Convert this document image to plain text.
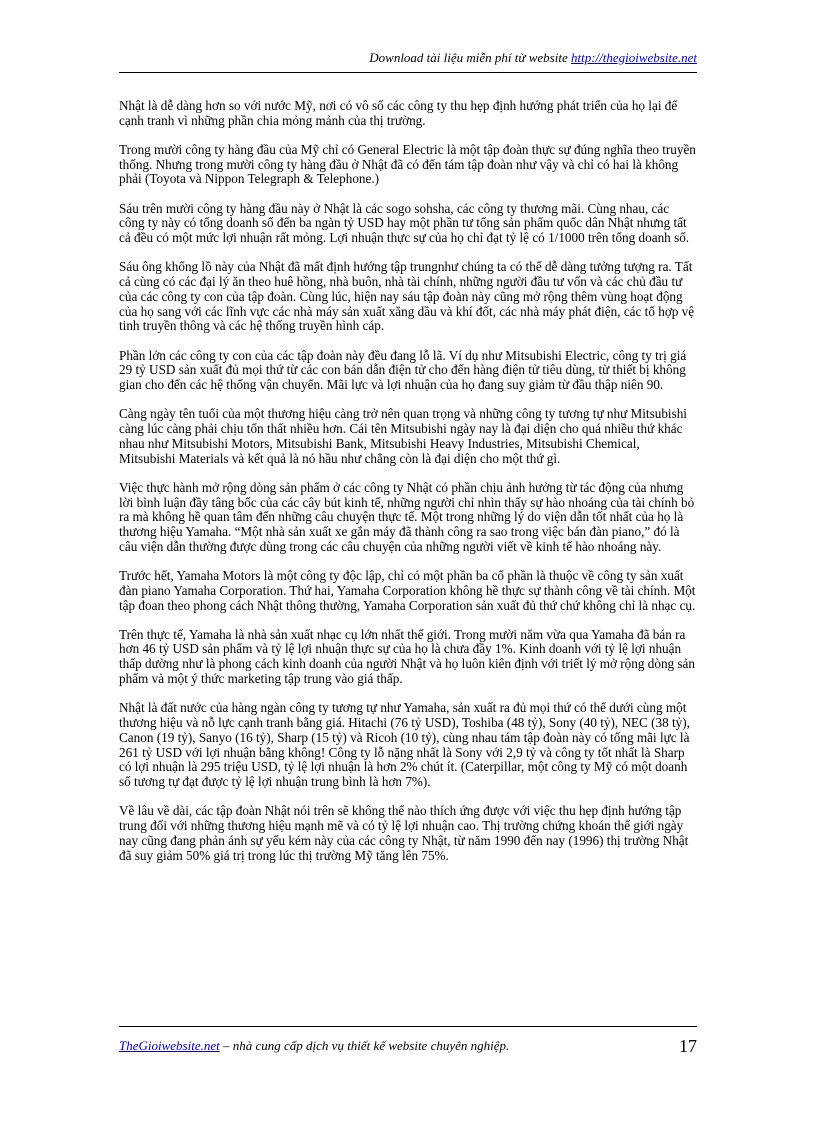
Download tài liệu miễn phí từ website http://thegioiwebsite.net

Nhật là dễ dàng hơn so với nước Mỹ, nơi có vô số các công ty thu hẹp định hướng phát triển của họ lại để cạnh tranh vì những phần chia mỏng mảnh của thị trường.

Trong mười công ty hàng đầu của Mỹ chỉ có General Electric là một tập đoàn thực sự đúng nghĩa theo truyền thống. Nhưng trong mười công ty hàng đầu ở Nhật đã có đến tám tập đoàn như vậy và chỉ có hai là không phải (Toyota và Nippon Telegraph & Telephone.)

Sáu trên mười công ty hàng đầu này ở Nhật là các sogo sohsha, các công ty thương mãi. Cùng nhau, các công ty này có tổng doanh số đến ba ngàn tỷ USD hay một phần tư tổng sản phẩm quốc dân Nhật nhưng tất cả đều có một mức lợi nhuận rất mỏng. Lợi nhuận thực sự của họ chỉ đạt tỷ lệ có 1/1000 trên tổng doanh số.

Sáu ông khổng lồ này của Nhật đã mất định hướng tập trungnhư chúng ta có thể dễ dàng tưởng tượng ra. Tất cả cùng có các đại lý ăn theo huê hồng, nhà buôn, nhà tài chính, những người đầu tư vốn và các chủ đầu tư của các công ty con của tập đoàn. Cùng lúc, hiện nay sáu tập đoàn này cũng mở rộng thêm vùng hoạt động của họ sang với các lĩnh vực các nhà máy sản xuất xăng dầu và khí đốt, các nhà máy phát điện, các tổ hợp vệ tinh truyền thông và các hệ thống truyền hình cáp.

Phần lớn các công ty con của các tập đoàn này đều đang lỗ lã. Ví dụ như Mitsubishi Electric, công ty trị giá 29 tỷ USD sản xuất đủ mọi thứ từ các con bán dẫn điện tử cho đến hàng điện tử tiêu dùng, từ thiết bị không gian cho đến các hệ thống vận chuyển. Mãi lực và lợi nhuận của họ đang suy giảm từ đầu thập niên 90.

Càng ngày tên tuổi của một thương hiệu càng trở nên quan trọng và những công ty tương tự như Mitsubishi càng lúc càng phải chịu tổn thất nhiều hơn. Cái tên Mitsubishi ngày nay là đại diện cho quá nhiều thứ khác nhau như Mitsubishi Motors, Mitsubishi Bank, Mitsubishi Heavy Industries, Mitsubishi Chemical, Mitsubishi Materials và kết quả là nó hầu như chẳng còn là đại diện cho một thứ gì.

Việc thực hành mở rộng dòng sản phẩm ở các công ty Nhật có phần chịu ảnh hưởng từ tác động của nhưng lời bình luận đầy tâng bốc của các cây bút kinh tế, những người chỉ nhìn thấy sự hào nhoáng của tài chính bỏ ra mà không hề quan tâm đến những câu chuyện thực tế. Một trong những lý do viện dẫn tốt nhất của họ là thương hiệu Yamaha. “Một nhà sản xuất xe gắn máy đã thành công ra sao trong việc bán đàn piano,” đó là câu viện dẫn thường được dùng trong các câu chuyện của những người viết về kinh tế hào nhoáng này.

Trước hết, Yamaha Motors là một công ty độc lập, chỉ có một phần ba cổ phần là thuộc về công ty sản xuất đàn piano Yamaha Corporation. Thứ hai, Yamaha Corporation không hề thực sự thành công về tài chính. Một tập đoan theo phong cách Nhật thông thường, Yamaha Corporation sản xuất đủ thứ chứ không chỉ là nhạc cụ.

Trên thực tế, Yamaha là nhà sản xuất nhạc cụ lớn nhất thế giới. Trong mười năm vừa qua Yamaha đã bán ra hơn 46 tỷ USD sản phẩm và tỷ lệ lợi nhuận thực sự của họ là chưa đầy 1%. Kinh doanh với tỷ lệ lợi nhuận thấp dường như là phong cách kinh doanh của người Nhật và họ luôn kiên định với triết lý mở rộng dòng sản phẩm và một ý thức marketing tập trung vào giá thấp.

Nhật là đất nước của hàng ngàn công ty tương tự như Yamaha, sản xuất ra đủ mọi thứ có thể dưới cùng một thương hiệu và nỗ lực cạnh tranh bằng giá. Hitachi (76 tỷ USD), Toshiba (48 tỷ), Sony (40 tỷ), NEC (38 tỷ), Canon (19 tỷ), Sanyo (16 tỷ), Sharp (15 tỷ) và Ricoh (10 tỷ), cùng nhau tám tập đoàn này có tổng mãi lực là 261 tỷ USD với lợi nhuận bằng không! Công ty lỗ nặng nhất là Sony với 2,9 tỷ và công ty tốt nhất là Sharp có lợi nhuận là 295 triệu USD, tỷ lệ lợi nhuận là hơn 2% chút ít. (Caterpillar, một công ty Mỹ có một doanh số tương tự đạt được tỷ lệ lợi nhuận trung bình là hơn 7%).

Về lâu về dài, các tập đoàn Nhật nói trên sẽ không thể nào thích ứng được với việc thu hẹp định hướng tập trung đối với những thương hiệu mạnh mẽ và có tỷ lệ lợi nhuận cao. Thị trường chứng khoán thế giới ngày nay cũng đang phản ánh sự yếu kém này của các công ty Nhật, từ năm 1990 đến nay (1996) thị trường Nhật đã suy giảm 50% giá trị trong lúc thị trường Mỹ tăng lên 75%.

TheGioiwebsite.net – nhà cung cấp dịch vụ thiết kế website chuyên nghiệp.	17
